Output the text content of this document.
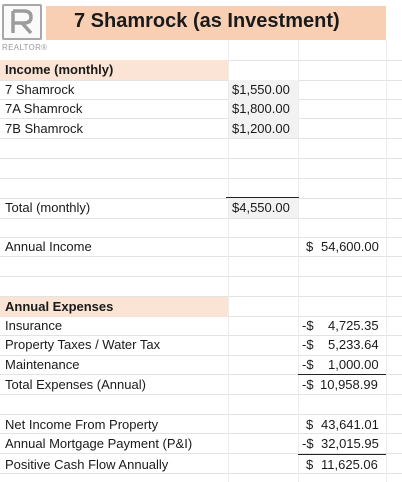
REALTOR®
7 Shamrock (as Investment)
Income (monthly)
7 Shamrock	$1,550.00
7A Shamrock	$1,800.00
7B Shamrock	$1,200.00
Total (monthly)	$4,550.00
Annual Income	$ 54,600.00
Annual Expenses
Insurance	-$ 4,725.35
Property Taxes / Water Tax	-$ 5,233.64
Maintenance	-$ 1,000.00
Total Expenses (Annual)	-$ 10,958.99
Net Income From Property	$ 43,641.01
Annual Mortgage Payment (P&I)	-$ 32,015.95
Positive Cash Flow Annually	$ 11,625.06
